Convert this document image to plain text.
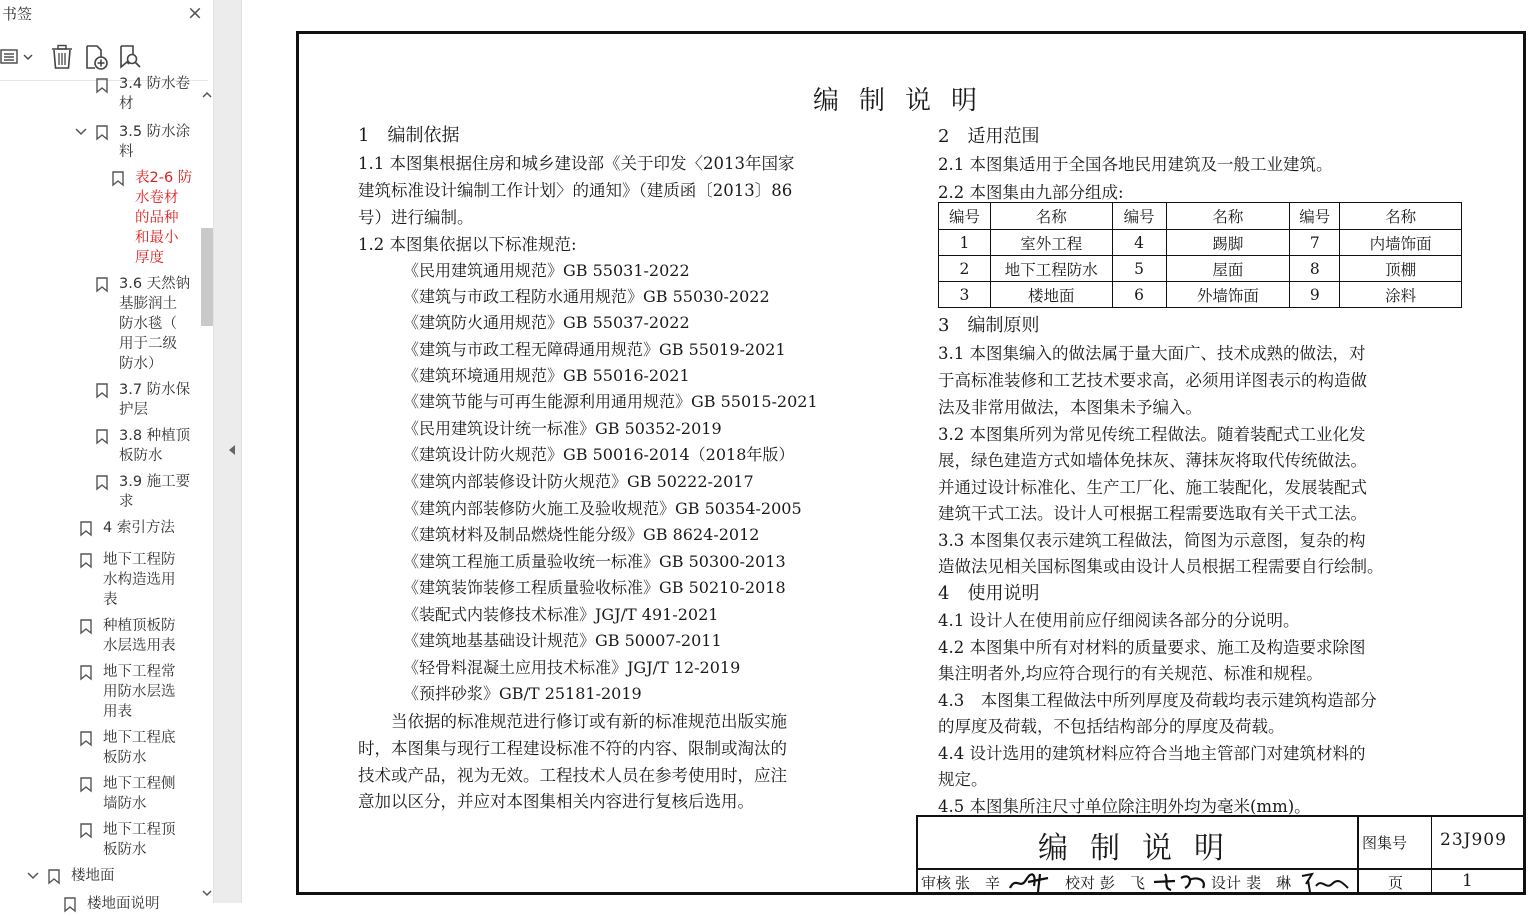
书签	×
3.4 防水卷
材
3.5 防水涂
料
表2-6 防
水卷材
的品种
和最小
厚度
3.6 天然钠
基膨润土
防水毯（
用于二级
防水）
3.7 防水保
护层
3.8 种植顶
板防水
3.9 施工要
求
4 索引方法
地下工程防
水构造选用
表
种植顶板防
水层选用表
地下工程常
用防水层选
用表
地下工程底
板防水
地下工程侧
墙防水
地下工程顶
板防水
楼地面
楼地面说明
编制说明
1　编制依据
1.1 本图集根据住房和城乡建设部《关于印发〈2013年国家
建筑标准设计编制工作计划〉的通知》（建质函〔2013〕86
号）进行编制。
1.2 本图集依据以下标准规范:
《民用建筑通用规范》GB 55031-2022
《建筑与市政工程防水通用规范》GB 55030-2022
《建筑防火通用规范》GB 55037-2022
《建筑与市政工程无障碍通用规范》GB 55019-2021
《建筑环境通用规范》GB 55016-2021
《建筑节能与可再生能源利用通用规范》GB 55015-2021
《民用建筑设计统一标准》GB 50352-2019
《建筑设计防火规范》GB 50016-2014（2018年版）
《建筑内部装修设计防火规范》GB 50222-2017
《建筑内部装修防火施工及验收规范》GB 50354-2005
《建筑材料及制品燃烧性能分级》GB 8624-2012
《建筑工程施工质量验收统一标准》GB 50300-2013
《建筑装饰装修工程质量验收标准》GB 50210-2018
《装配式内装修技术标准》JGJ/T 491-2021
《建筑地基基础设计规范》GB 50007-2011
《轻骨料混凝土应用技术标准》JGJ/T 12-2019
《预拌砂浆》GB/T 25181-2019
　　当依据的标准规范进行修订或有新的标准规范出版实施
时，本图集与现行工程建设标准不符的内容、限制或淘汰的
技术或产品，视为无效。工程技术人员在参考使用时，应注
意加以区分，并应对本图集相关内容进行复核后选用。
2　适用范围
2.1 本图集适用于全国各地民用建筑及一般工业建筑。
2.2 本图集由九部分组成:
编号	名称	编号	名称	编号	名称
1	室外工程	4	踢脚	7	内墙饰面
2	地下工程防水	5	屋面	8	顶棚
3	楼地面	6	外墙饰面	9	涂料
3　编制原则
3.1 本图集编入的做法属于量大面广、技术成熟的做法，对
于高标准装修和工艺技术要求高，必须用详图表示的构造做
法及非常用做法，本图集未予编入。
3.2 本图集所列为常见传统工程做法。随着装配式工业化发
展，绿色建造方式如墙体免抹灰、薄抹灰将取代传统做法。
并通过设计标准化、生产工厂化、施工装配化，发展装配式
建筑干式工法。设计人可根据工程需要选取有关干式工法。
3.3 本图集仅表示建筑工程做法，简图为示意图，复杂的构
造做法见相关国标图集或由设计人员根据工程需要自行绘制。
4　使用说明
4.1 设计人在使用前应仔细阅读各部分的分说明。
4.2 本图集中所有对材料的质量要求、施工及构造要求除图
集注明者外,均应符合现行的有关规范、标准和规程。
4.3　本图集工程做法中所列厚度及荷载均表示建筑构造部分
的厚度及荷载，不包括结构部分的厚度及荷载。
4.4 设计选用的建筑材料应符合当地主管部门对建筑材料的
规定。
4.5 本图集所注尺寸单位除注明外均为毫米(mm)。
编制说明	图集号 23J909
页	1
审核 张　辛	校对 彭　飞	设计 裴　琳
